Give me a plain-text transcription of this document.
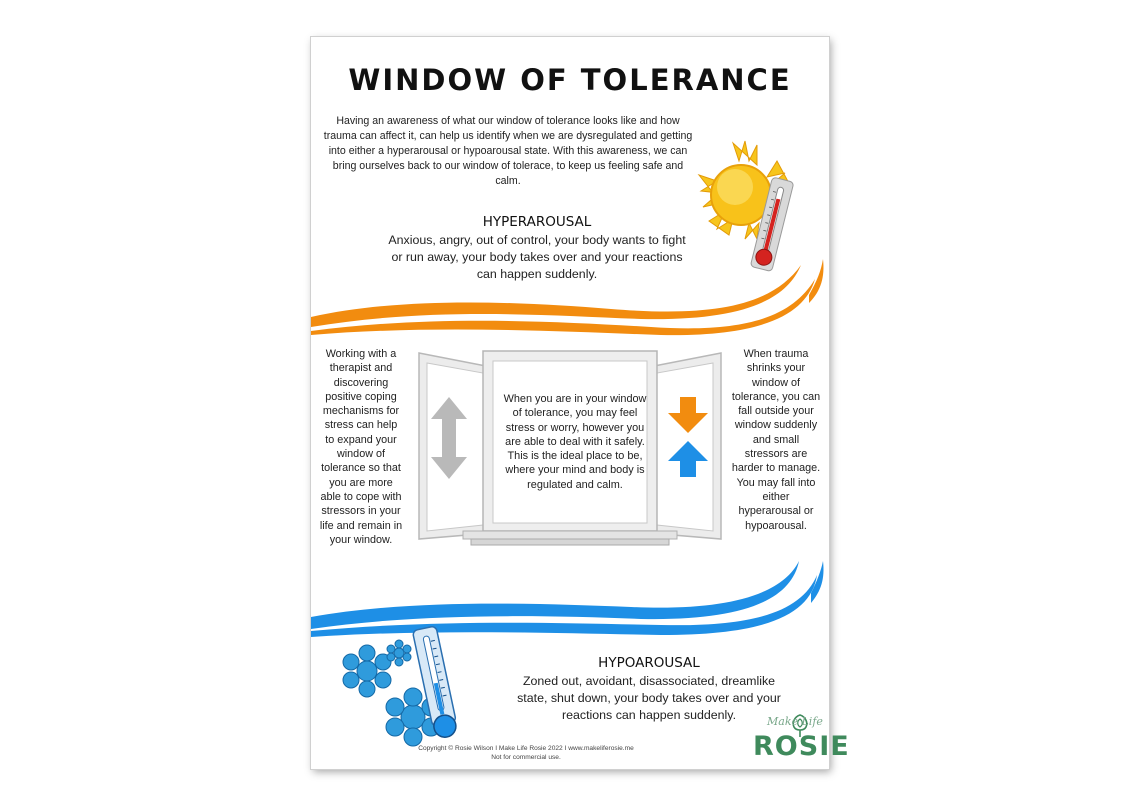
WINDOW OF TOLERANCE
Having an awareness of what our window of tolerance looks like and how trauma can affect it, can help us identify when we are dysregulated and getting into either a hyperarousal or hypoarousal state. With this awareness, we can bring ourselves back to our window of tolerace, to keep us feeling safe and calm.
HYPERAROUSAL
Anxious, angry, out of control, your body wants to fight or run away, your body takes over and your reactions can happen suddenly.
Working with a therapist and discovering positive coping mechanisms for stress can help to expand your window of tolerance so that you are more able to cope with stressors in your life and remain in your window.
When you are in your window of tolerance, you may feel stress or worry, however you are able to deal with it safely. This is the ideal place to be, where your mind and body is regulated and calm.
When trauma shrinks your window of tolerance, you can fall outside your window suddenly and small stressors are harder to manage. You may fall into either hyperarousal or hypoarousal.
HYPOAROUSAL
Zoned out, avoidant, disassociated, dreamlike state, shut down, your body takes over and your reactions can happen suddenly.
Copyright © Rosie Wilson I Make Life Rosie 2022 I www.makeliferosie.me
Not for commercial use.
Make Life
ROSIE
